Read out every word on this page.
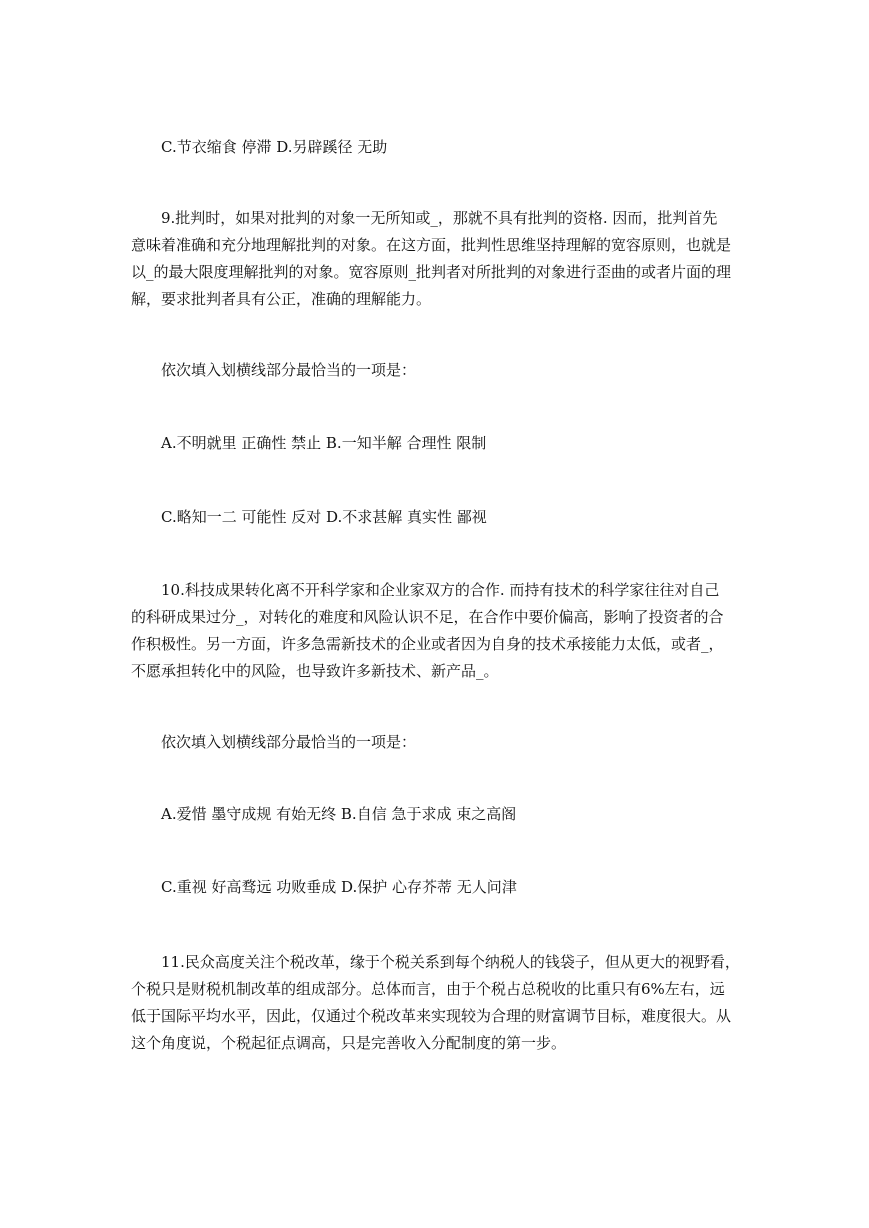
C.节衣缩食 停滞 D.另辟蹊径 无助

9.批判时，如果对批判的对象一无所知或_，那就不具有批判的资格. 因而，批判首先
意味着准确和充分地理解批判的对象。在这方面，批判性思维坚持理解的宽容原则，也就是
以_的最大限度理解批判的对象。宽容原则_批判者对所批判的对象进行歪曲的或者片面的理
解，要求批判者具有公正，准确的理解能力。

依次填入划横线部分最恰当的一项是：

A.不明就里 正确性 禁止 B.一知半解 合理性 限制

C.略知一二 可能性 反对 D.不求甚解 真实性 鄙视

10.科技成果转化离不开科学家和企业家双方的合作. 而持有技术的科学家往往对自己
的科研成果过分_，对转化的难度和风险认识不足，在合作中要价偏高，影响了投资者的合
作积极性。另一方面，许多急需新技术的企业或者因为自身的技术承接能力太低，或者_，
不愿承担转化中的风险，也导致许多新技术、新产品_。

依次填入划横线部分最恰当的一项是：

A.爱惜 墨守成规 有始无终 B.自信 急于求成 束之高阁

C.重视 好高骛远 功败垂成 D.保护 心存芥蒂 无人问津

11.民众高度关注个税改革，缘于个税关系到每个纳税人的钱袋子，但从更大的视野看，
个税只是财税机制改革的组成部分。总体而言，由于个税占总税收的比重只有6%左右，远
低于国际平均水平，因此，仅通过个税改革来实现较为合理的财富调节目标，难度很大。从
这个角度说，个税起征点调高，只是完善收入分配制度的第一步。
